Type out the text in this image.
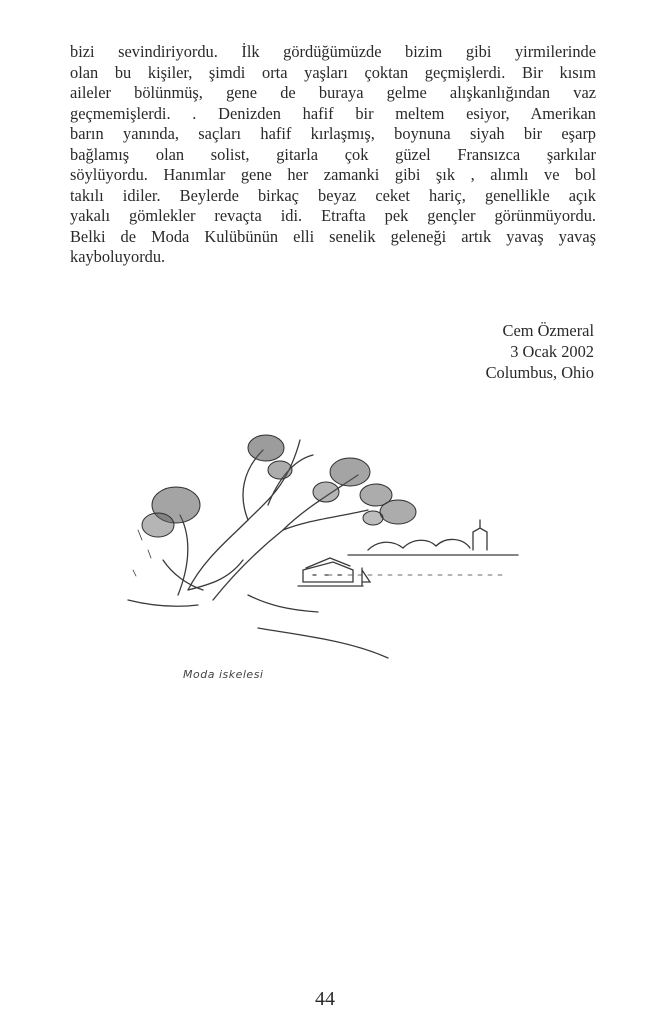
bizi sevindiriyordu. İlk gördüğümüzde bizim gibi yirmilerinde
olan bu kişiler, şimdi orta yaşları çoktan geçmişlerdi. Bir kısım
aileler bölünmüş, gene de buraya gelme alışkanlığından vaz
geçmemişlerdi. . Denizden hafif bir meltem esiyor, Amerikan
barın yanında, saçları hafif kırlaşmış, boynuna siyah bir eşarp
bağlamış olan solist, gitarla çok güzel Fransızca şarkılar
söylüyordu. Hanımlar gene her zamanki gibi şık , alımlı ve bol
takılı idiler. Beylerde birkaç beyaz ceket hariç, genellikle açık
yakalı gömlekler revaçta idi. Etrafta pek gençler görünmüyordu.
Belki de Moda Kulübünün elli senelik geleneği artık yavaş yavaş
kayboluyordu.
Cem Özmeral
3 Ocak 2002
Columbus, Ohio
Moda iskelesi
44
